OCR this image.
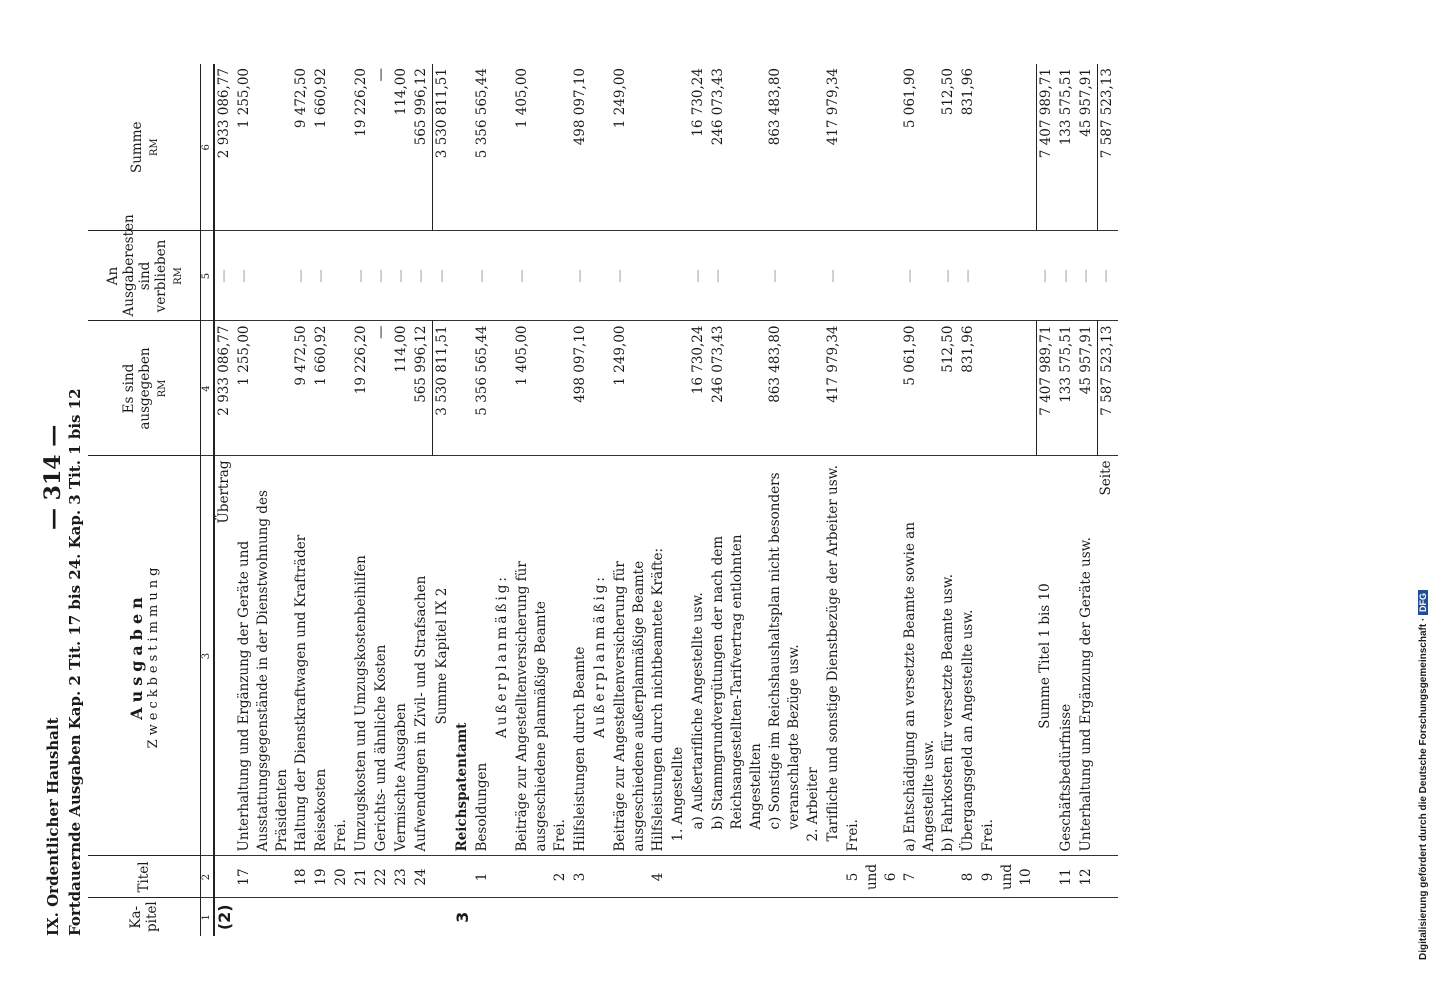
IX. Ordentlicher Haushalt
— 314 — Fortdauernde Ausgaben Kap. 2 Tit. 17 bis 24. Kap. 3 Tit. 1 bis 12	Ka-pitel	Titel	Ausgaben Zweckbestimmung	Es sind ausgegeben RM	An Ausgaberesten sind verblieben RM	Summe RM

1	2	3	4	5	6
(2)		Übertrag	2 933 086,77	—	2 933 086,77
	17	Unterhaltung und Ergänzung der Geräte und Ausstattungsgegenstände in der Dienstwohnung des Präsidenten	1 255,00	—	1 255,00
	18	Haltung der Dienstkraftwagen und Krafträder	9 472,50	—	9 472,50
	19	Reisekosten	1 660,92	—	1 660,92
	20	Frei.			
	21	Umzugskosten und Umzugskostenbeihilfen	19 226,20	—	19 226,20
	22	Gerichts- und ähnliche Kosten	—	—	—
	23	Vermischte Ausgaben	114,00	—	114,00
	24	Aufwendungen in Zivil- und Strafsachen	565 996,12	—	565 996,12
		Summe Kapitel IX 2	3 530 811,51	—	3 530 811,51
3		Reichspatentamt			
	1	Besoldungen	5 356 565,44	—	5 356 565,44
		Außerplanmäßig:			
		Beiträge zur Angestelltenversicherung für ausgeschiedene planmäßige Beamte	1 405,00	—	1 405,00
	2	Frei.			
	3	Hilfsleistungen durch Beamte	498 097,10	—	498 097,10
		Außerplanmäßig:			
		Beiträge zur Angestelltenversicherung für ausgeschiedene außerplanmäßige Beamte	1 249,00	—	1 249,00
	4	Hilfsleistungen durch nichtbeamtete Kräfte:			
		1. Angestellte			
		a) Außertarifliche Angestellte usw.	16 730,24	—	16 730,24
		b) Stammgrundvergütungen der nach dem Reichsangestellten-Tarifvertrag entlohnten Angestellten	246 073,43	—	246 073,43
		c) Sonstige im Reichshaushaltsplan nicht besonders veranschlagte Bezüge usw.	863 483,80	—	863 483,80
		2. Arbeiter			
		Tarifliche und sonstige Dienstbezüge der Arbeiter usw.	417 979,34	—	417 979,34
	5 und 6	Frei.			
	7	a) Entschädigung an versetzte Beamte sowie an Angestellte usw.	5 061,90	—	5 061,90
		b) Fahrkosten für versetzte Beamte usw.	512,50	—	512,50
	8	Übergangsgeld an Angestellte usw.	831,96	—	831,96
	9 und 10	Frei.			
		Summe Titel 1 bis 10	7 407 989,71	—	7 407 989,71
	11	Geschäftsbedürfnisse	133 575,51	—	133 575,51
	12	Unterhaltung und Ergänzung der Geräte usw.	45 957,91	—	45 957,91
		Seite	7 587 523,13	—	7 587 523,13
Digitalisierung gefördert durch die Deutsche Forschungsgemeinschaft · DFG
